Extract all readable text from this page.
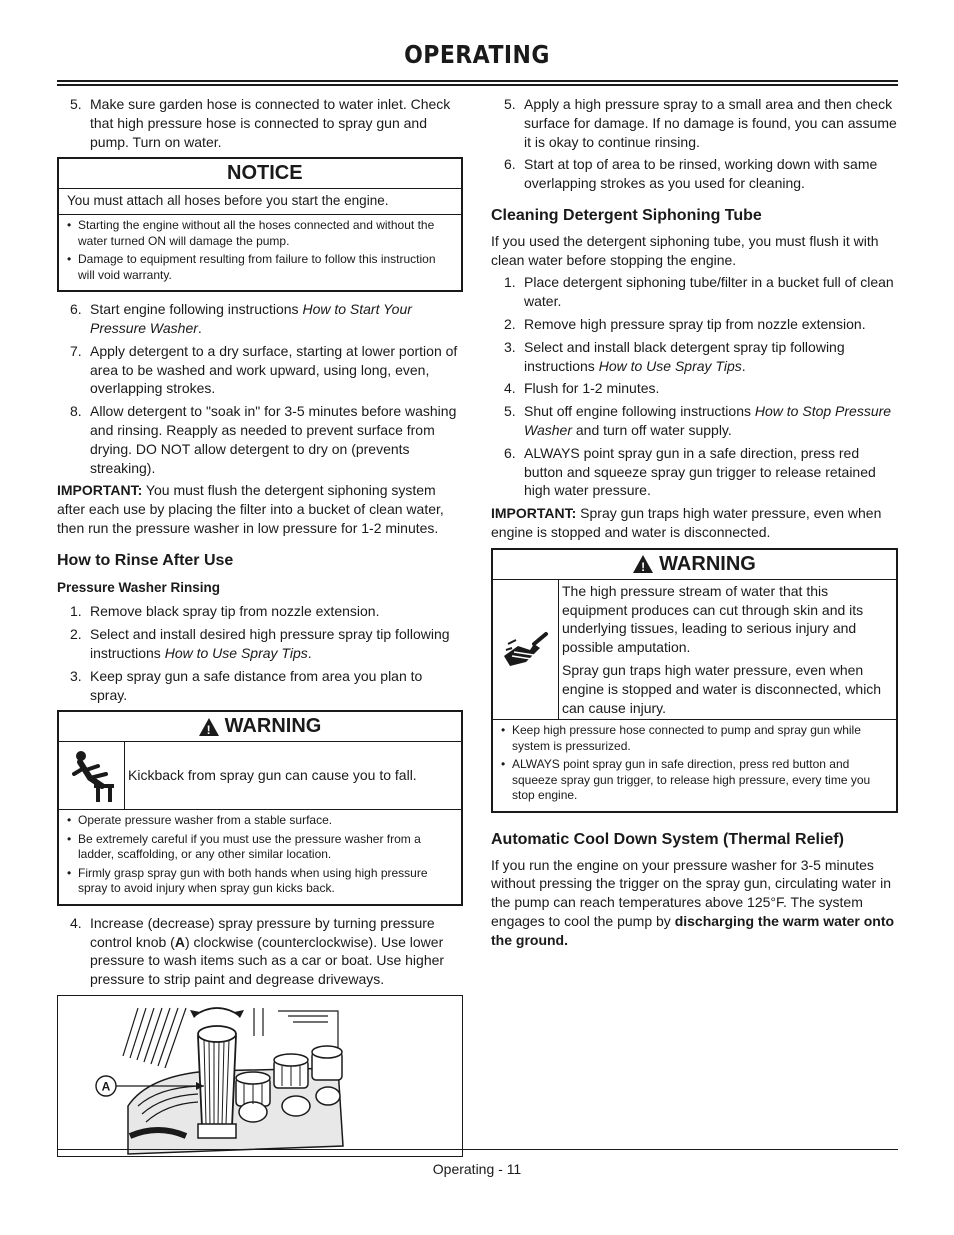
OPERATING
5. Make sure garden hose is connected to water inlet. Check that high pressure hose is connected to spray gun and pump. Turn on water.
NOTICE
You must attach all hoses before you start the engine.
• Starting the engine without all the hoses connected and without the water turned ON will damage the pump.
• Damage to equipment resulting from failure to follow this instruction will void warranty.
6. Start engine following instructions How to Start Your Pressure Washer.
7. Apply detergent to a dry surface, starting at lower portion of area to be washed and work upward, using long, even, overlapping strokes.
8. Allow detergent to "soak in" for 3-5 minutes before washing and rinsing. Reapply as needed to prevent surface from drying. DO NOT allow detergent to dry on (prevents streaking).

IMPORTANT: You must flush the detergent siphoning system after each use by placing the filter into a bucket of clean water, then run the pressure washer in low pressure for 1-2 minutes.

How to Rinse After Use
Pressure Washer Rinsing
1. Remove black spray tip from nozzle extension.
2. Select and install desired high pressure spray tip following instructions How to Use Spray Tips.
3. Keep spray gun a safe distance from area you plan to spray.
! WARNING
Kickback from spray gun can cause you to fall.
• Operate pressure washer from a stable surface.
• Be extremely careful if you must use the pressure washer from a ladder, scaffolding, or any other similar location.
• Firmly grasp spray gun with both hands when using high pressure spray to avoid injury when spray gun kicks back.
4. Increase (decrease) spray pressure by turning pressure control knob (A) clockwise (counterclockwise). Use lower pressure to wash items such as a car or boat. Use higher pressure to strip paint and degrease driveways.
A
5. Apply a high pressure spray to a small area and then check surface for damage. If no damage is found, you can assume it is okay to continue rinsing.
6. Start at top of area to be rinsed, working down with same overlapping strokes as you used for cleaning.
Cleaning Detergent Siphoning Tube

If you used the detergent siphoning tube, you must flush it with clean water before stopping the engine.

1. Place detergent siphoning tube/filter in a bucket full of clean water.
2. Remove high pressure spray tip from nozzle extension.
3. Select and install black detergent spray tip following instructions How to Use Spray Tips.
4. Flush for 1-2 minutes.
5. Shut off engine following instructions How to Stop Pressure Washer and turn off water supply.
6. ALWAYS point spray gun in a safe direction, press red button and squeeze spray gun trigger to release retained high water pressure.

IMPORTANT: Spray gun traps high water pressure, even when engine is stopped and water is disconnected.

! WARNING

The high pressure stream of water that this equipment produces can cut through skin and its underlying tissues, leading to serious injury and possible amputation.

Spray gun traps high water pressure, even when engine is stopped and water is disconnected, which can cause injury.

• Keep high pressure hose connected to pump and spray gun while system is pressurized.
• ALWAYS point spray gun in safe direction, press red button and squeeze spray gun trigger, to release high pressure, every time you stop engine.
Automatic Cool Down System (Thermal Relief)

If you run the engine on your pressure washer for 3-5 minutes without pressing the trigger on the spray gun, circulating water in the pump can reach temperatures above 125°F. The system engages to cool the pump by discharging the warm water onto the ground.

Operating - 11
